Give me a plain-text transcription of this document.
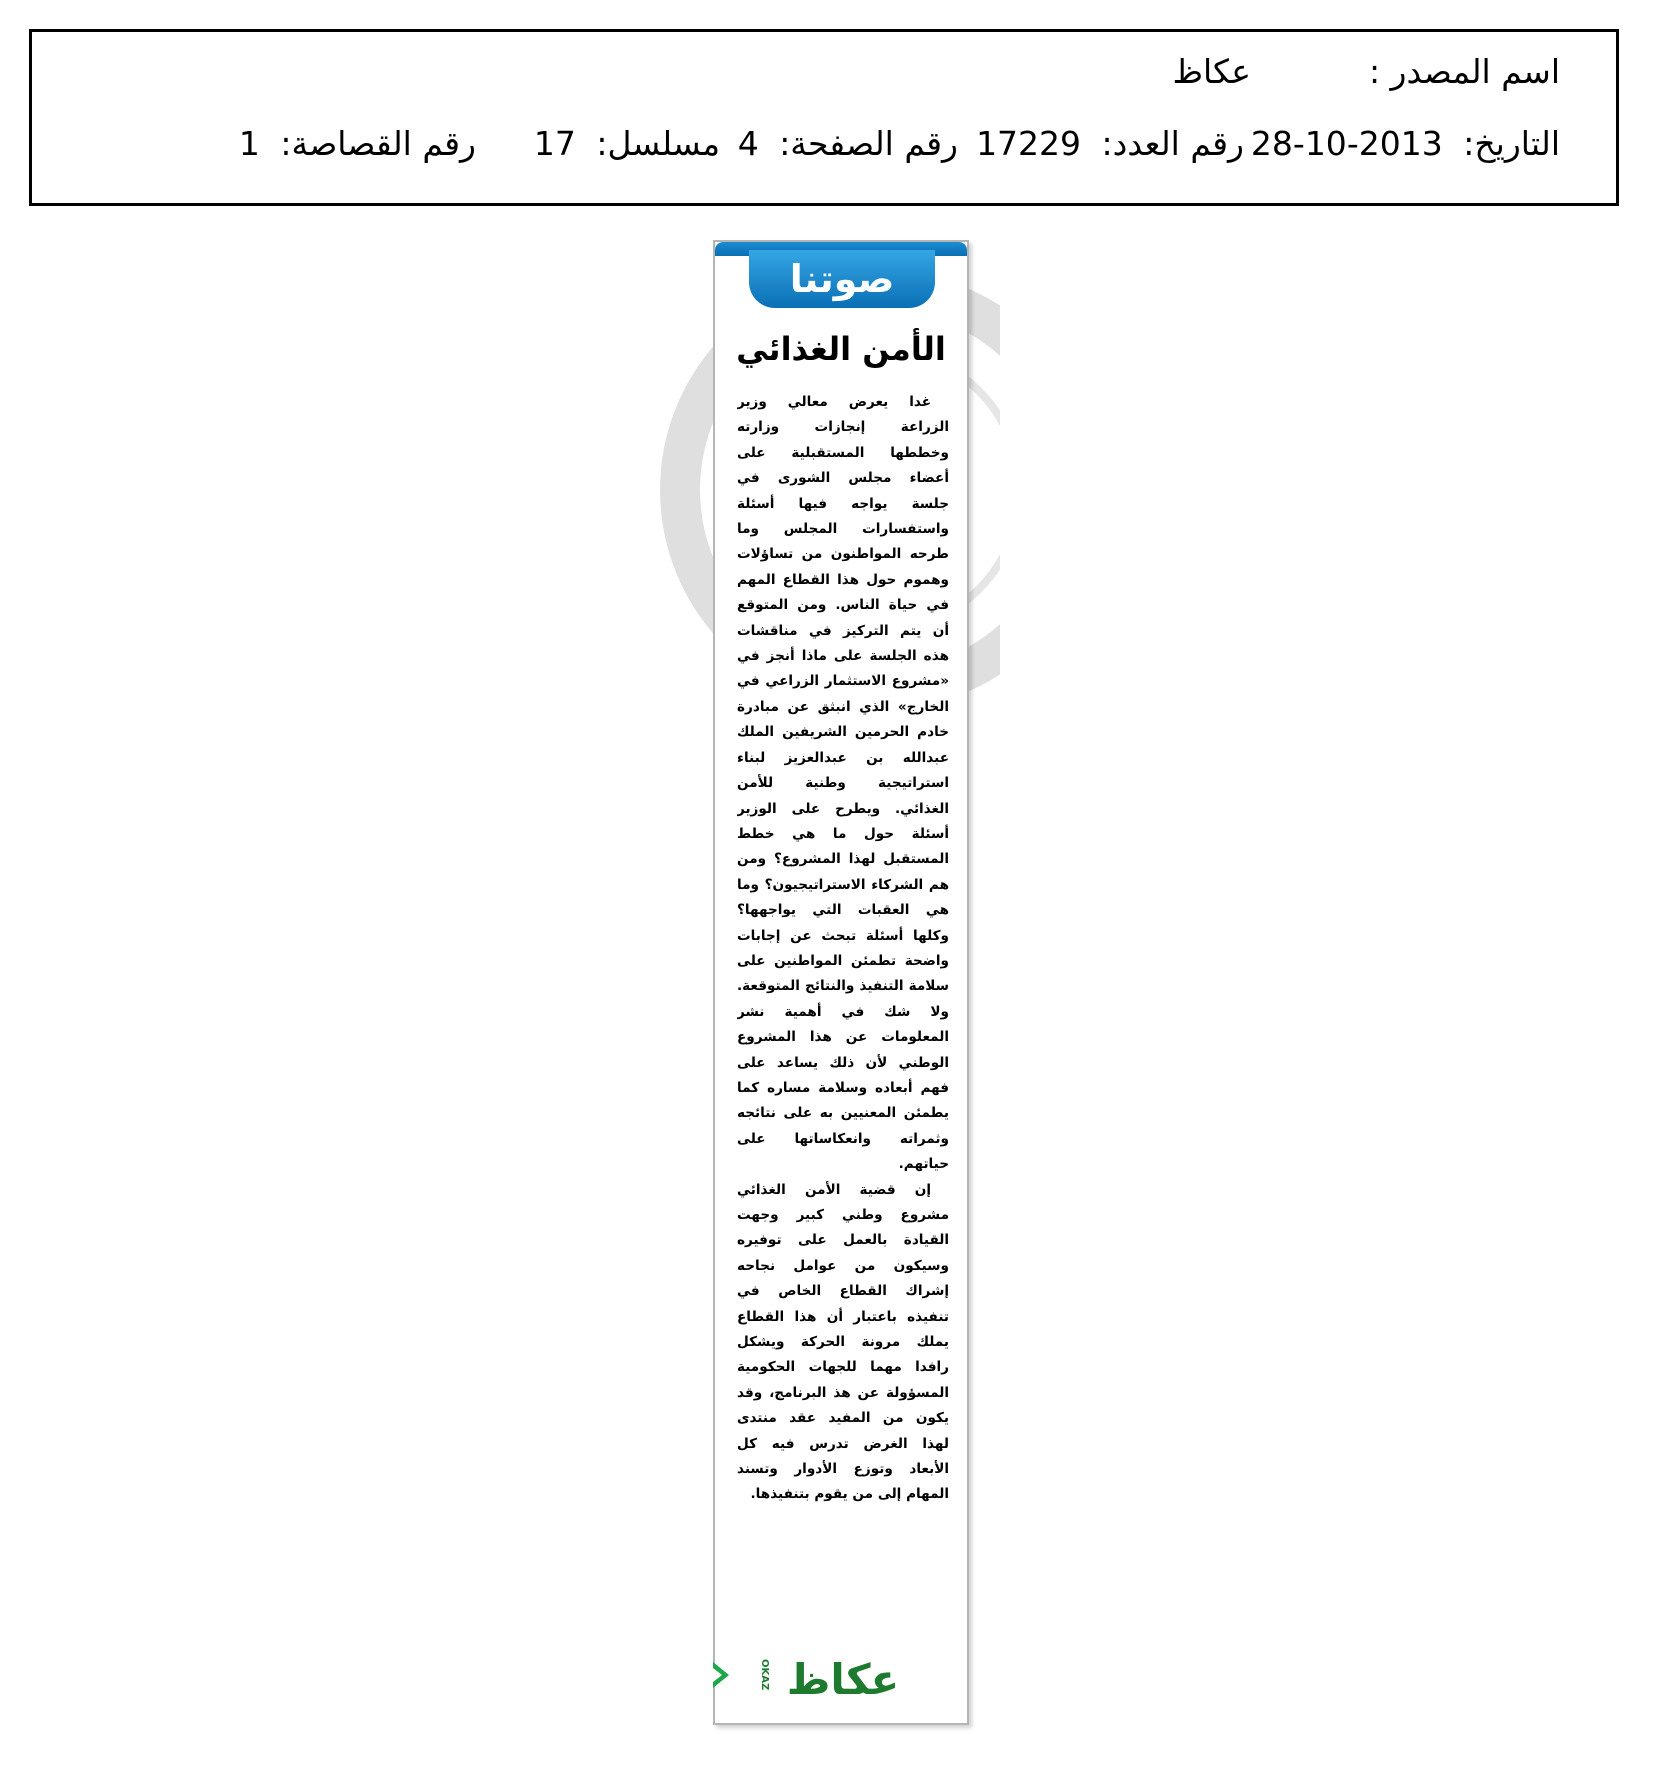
اسم المصدر :
عكاظ
التاريخ: 2013-10-28
رقم العدد: 17229
رقم الصفحة: 4
مسلسل: 17
رقم القصاصة: 1
صوتنا
الأمن الغذائي

غدا يعرض معالي وزير الزراعة إنجازات وزارته وخططها المستقبلية على أعضاء مجلس الشورى في جلسة يواجه فيها أسئلة واستفسارات المجلس وما طرحه المواطنون من تساؤلات وهموم حول هذا القطاع المهم في حياة الناس. ومن المتوقع أن يتم التركيز في مناقشات هذه الجلسة على ماذا أنجز في «مشروع الاستثمار الزراعي في الخارج» الذي انبثق عن مبادرة خادم الحرمين الشريفين الملك عبدالله بن عبدالعزيز لبناء استراتيجية وطنية للأمن الغذائي. ويطرح على الوزير أسئلة حول ما هي خطط المستقبل لهذا المشروع؟ ومن هم الشركاء الاستراتيجيون؟ وما هي العقبات التي يواجهها؟ وكلها أسئلة تبحث عن إجابات واضحة تطمئن المواطنين على سلامة التنفيذ والنتائج المتوقعة. ولا شك في أهمية نشر المعلومات عن هذا المشروع الوطني لأن ذلك يساعد على فهم أبعاده وسلامة مساره كما يطمئن المعنيين به على نتائجه وثمراته وانعكاساتها على حياتهم.

إن قضية الأمن الغذائي مشروع وطني كبير وجهت القيادة بالعمل على توفيره وسيكون من عوامل نجاحه إشراك القطاع الخاص في تنفيذه باعتبار أن هذا القطاع يملك مرونة الحركة ويشكل رافدا مهما للجهات الحكومية المسؤولة عن هذ البرنامج، وقد يكون من المفيد عقد منتدى لهذا الغرض تدرس فيه كل الأبعاد وتوزع الأدوار وتسند المهام إلى من يقوم بتنفيذها.

OKAZ عكاظ
